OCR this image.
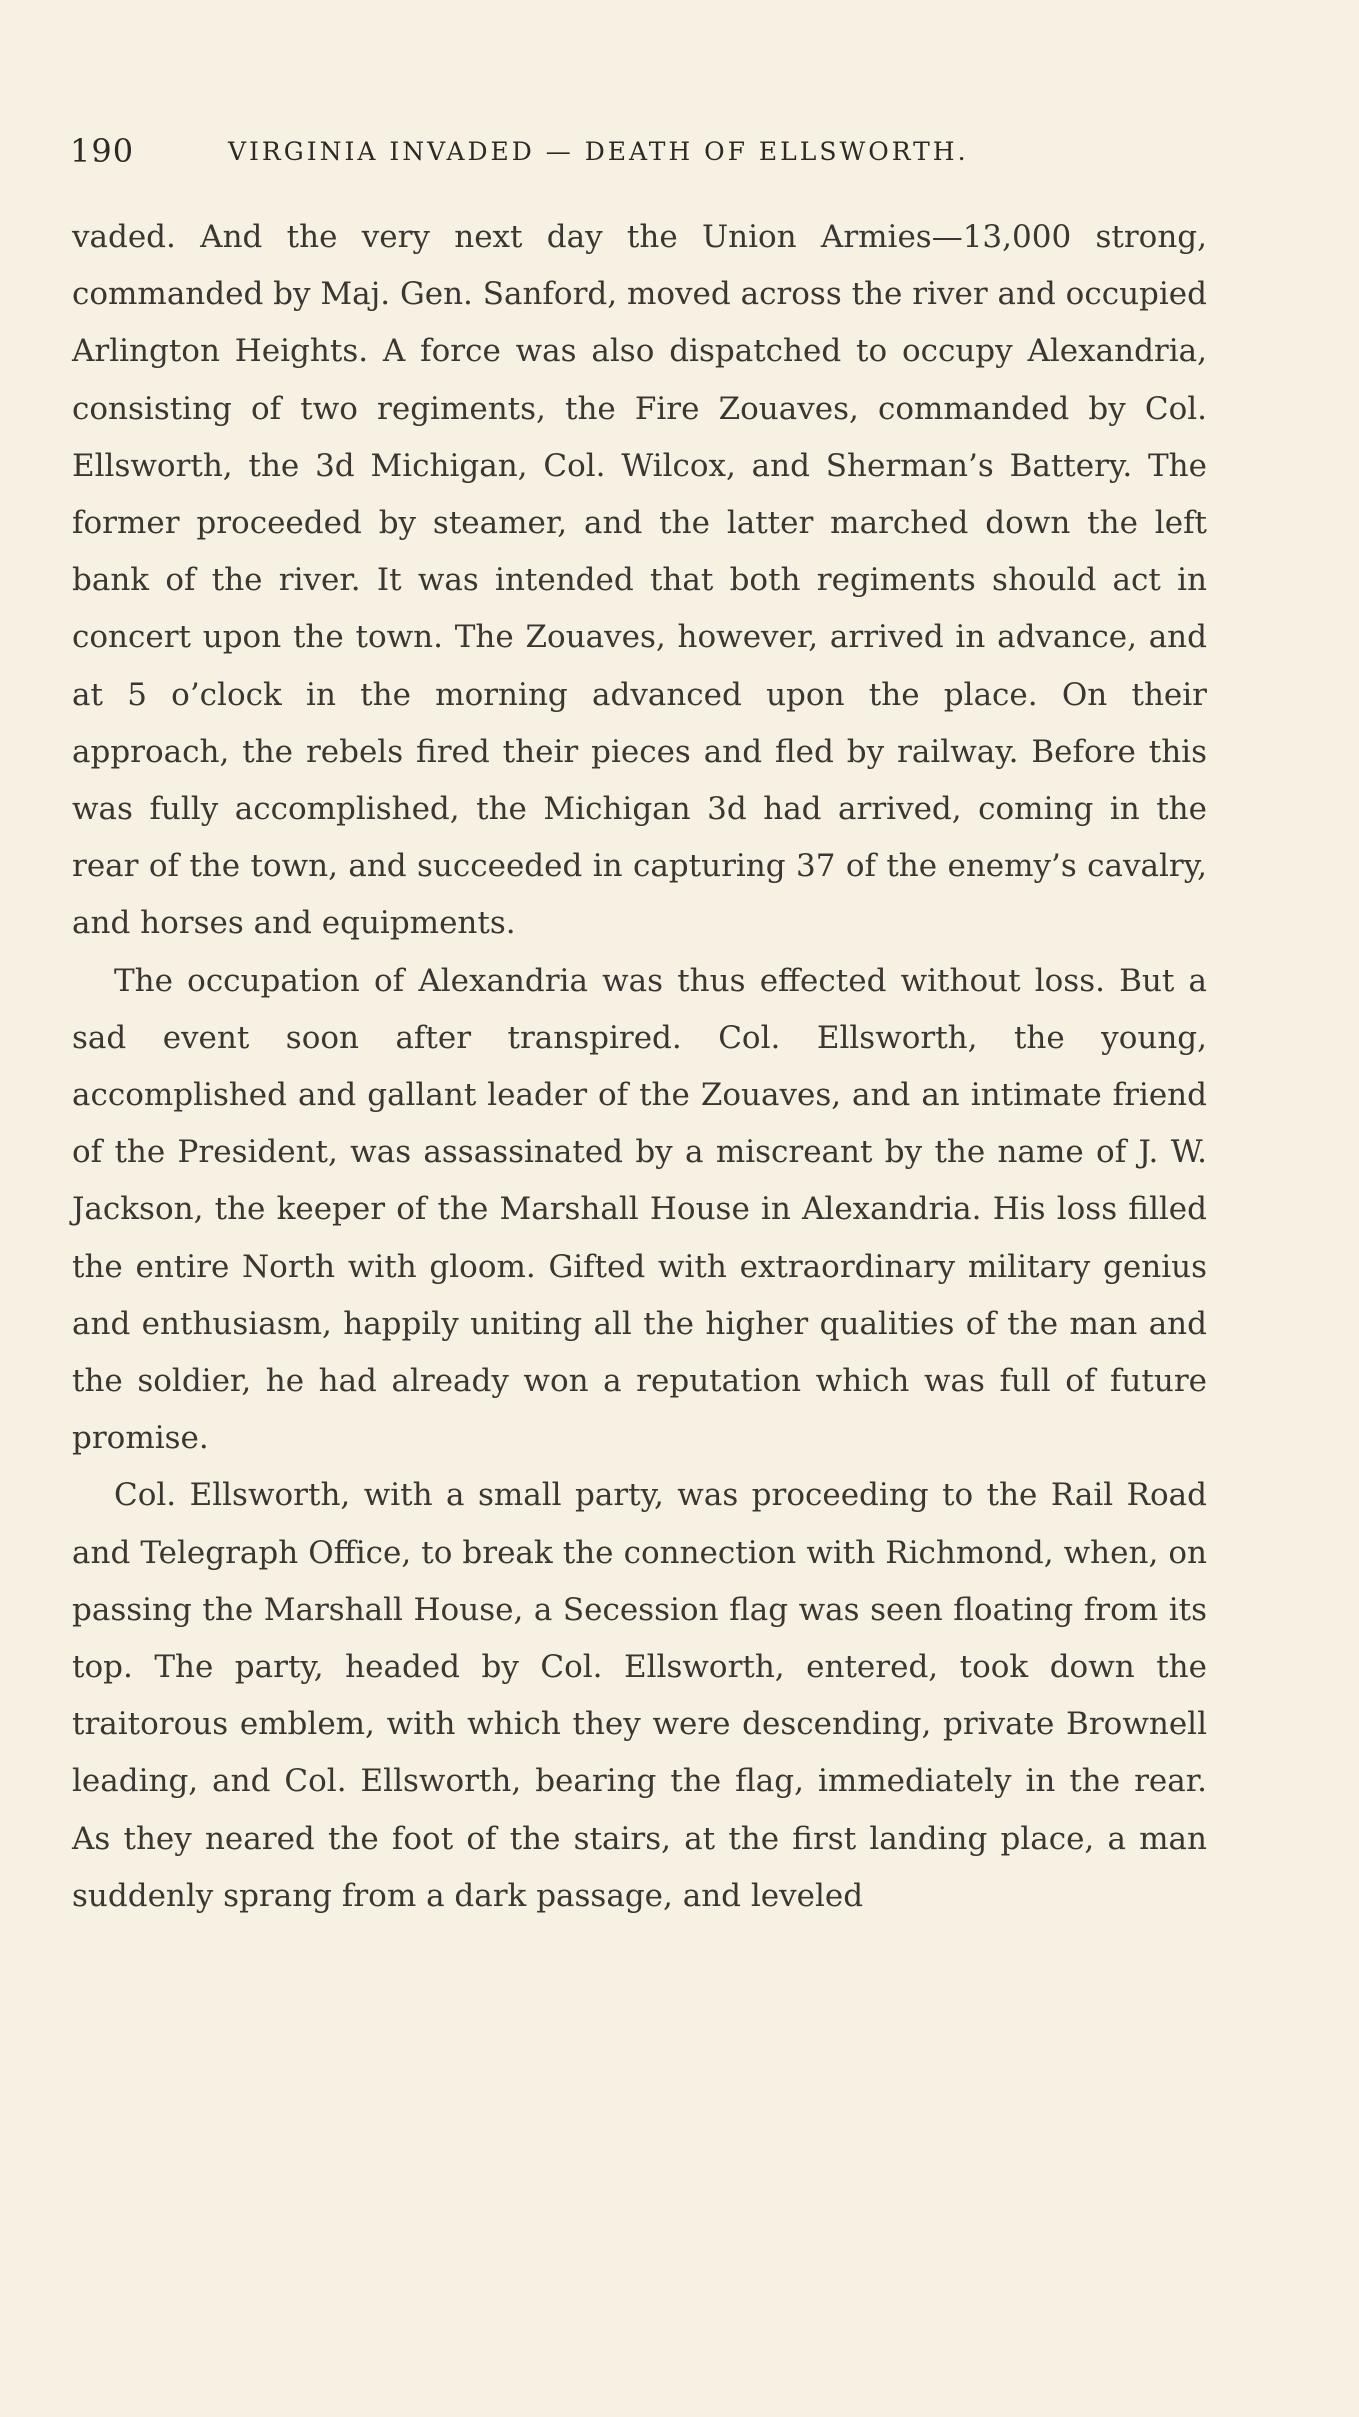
190	VIRGINIA INVADED — DEATH OF ELLSWORTH.

vaded. And the very next day the Union Armies—13,000 strong, commanded by Maj. Gen. Sanford, moved across the river and occupied Arlington Heights. A force was also dispatched to occupy Alexandria, consisting of two regiments, the Fire Zouaves, commanded by Col. Ellsworth, the 3d Michigan, Col. Wilcox, and Sherman’s Battery. The former proceeded by steamer, and the latter marched down the left bank of the river. It was intended that both regiments should act in concert upon the town. The Zouaves, however, arrived in advance, and at 5 o’clock in the morning advanced upon the place. On their approach, the rebels fired their pieces and fled by railway. Before this was fully accomplished, the Michigan 3d had arrived, coming in the rear of the town, and succeeded in capturing 37 of the enemy’s cavalry, and horses and equipments.

The occupation of Alexandria was thus effected without loss. But a sad event soon after transpired. Col. Ellsworth, the young, accomplished and gallant leader of the Zouaves, and an intimate friend of the President, was assassinated by a miscreant by the name of J. W. Jackson, the keeper of the Marshall House in Alexandria. His loss filled the entire North with gloom. Gifted with extraordinary military genius and enthusiasm, happily uniting all the higher qualities of the man and the soldier, he had already won a reputation which was full of future promise.

Col. Ellsworth, with a small party, was proceeding to the Rail Road and Telegraph Office, to break the connection with Richmond, when, on passing the Marshall House, a Secession flag was seen floating from its top. The party, headed by Col. Ellsworth, entered, took down the traitorous emblem, with which they were descending, private Brownell leading, and Col. Ellsworth, bearing the flag, immediately in the rear. As they neared the foot of the stairs, at the first landing place, a man suddenly sprang from a dark passage, and leveled
